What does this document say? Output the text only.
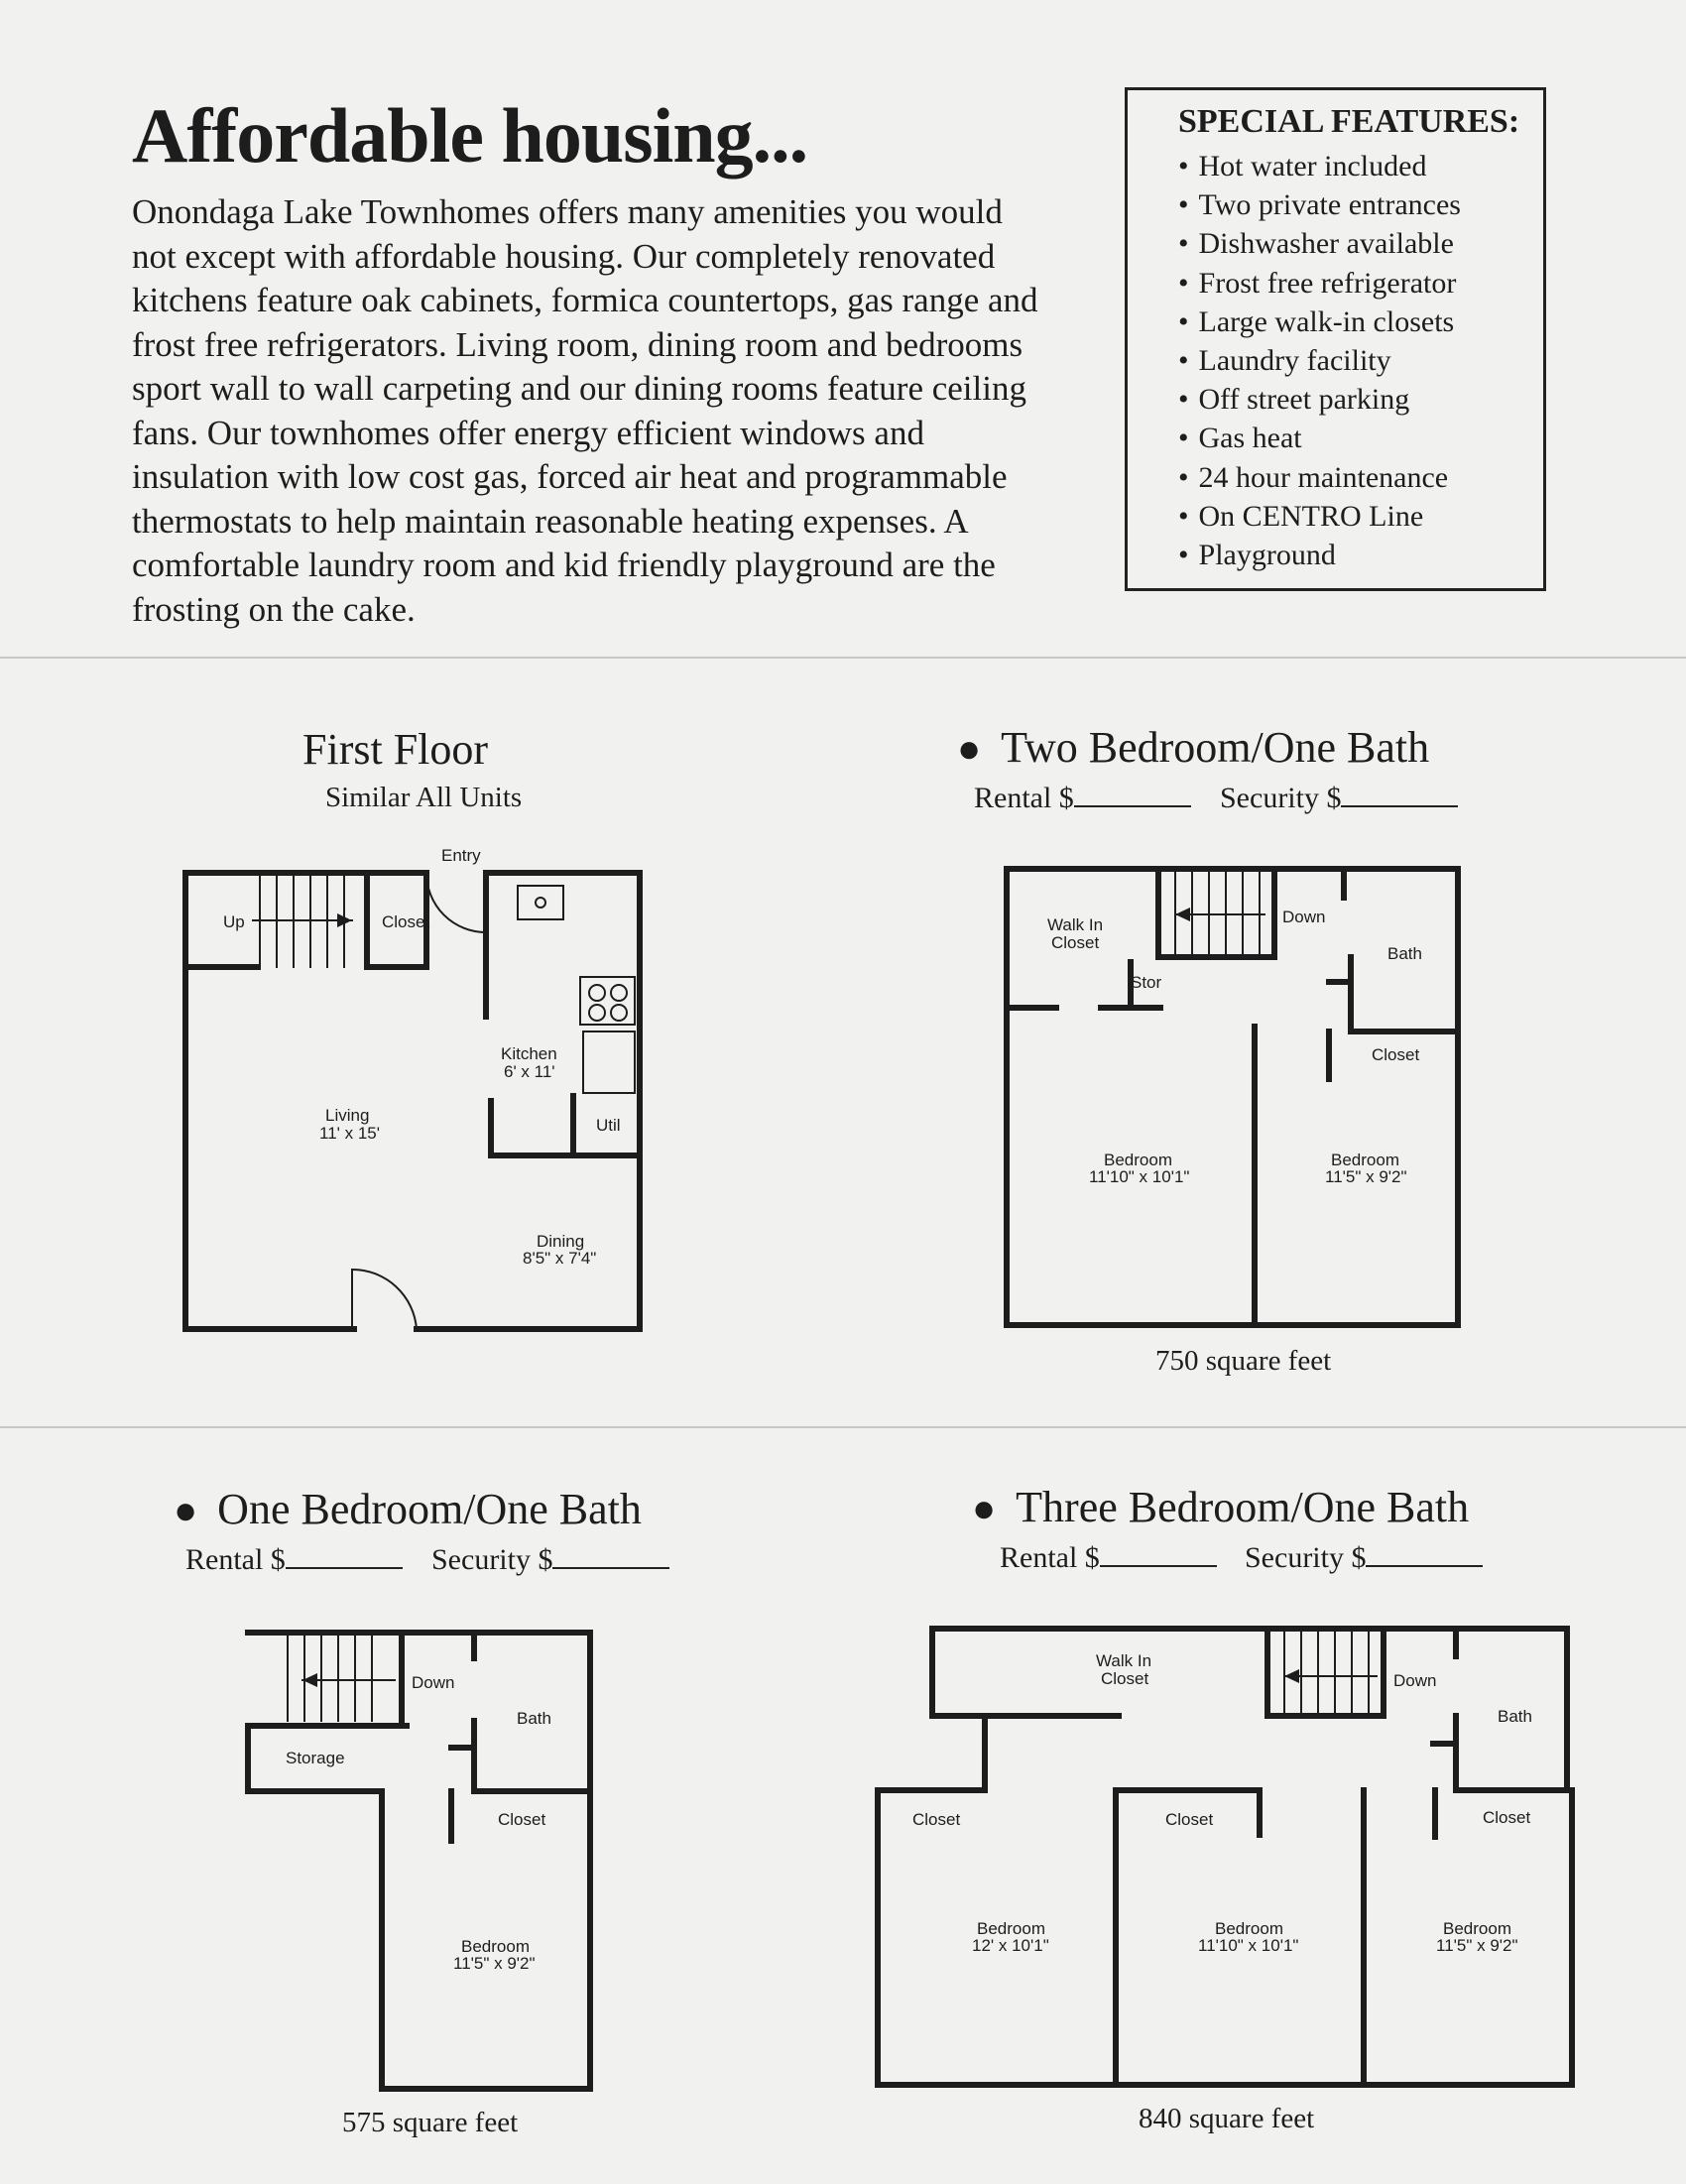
Affordable housing...
Onondaga Lake Townhomes offers many amenities you would not except with affordable housing. Our completely renovated kitchens feature oak cabinets, formica countertops, gas range and frost free refrigerators. Living room, dining room and bedrooms sport wall to wall carpeting and our dining rooms feature ceiling fans. Our townhomes offer energy efficient windows and insulation with low cost gas, forced air heat and programmable thermostats to help maintain reasonable heating expenses. A comfortable laundry room and kid friendly playground are the frosting on the cake.
SPECIAL FEATURES:
• Hot water included
• Two private entrances
• Dishwasher available
• Frost free refrigerator
• Large walk-in closets
• Laundry facility
• Off street parking
• Gas heat
• 24 hour maintenance
• On CENTRO Line
• Playground
First Floor
Similar All Units
● Two Bedroom/One Bath
Rental $	Security $
750 square feet
● One Bedroom/One Bath
Rental $	Security $
575 square feet
● Three Bedroom/One Bath
Rental $	Security $
840 square feet
Entry
Up	Closet
Kitchen
6' x 11'
Util
Living
11' x 15'
Dining
8'5" x 7'4"
Walk In
Closet
Stor
Down
Bath
Closet
Bedroom
11'10" x 10'1"
Bedroom
11'5" x 9'2"
Down
Bath
Storage
Closet
Bedroom
11'5" x 9'2"
Walk In
Closet	Down
Bath
Closet	Closet	Closet
Bedroom
12' x 10'1"
Bedroom
11'10" x 10'1"
Bedroom
11'5" x 9'2"
